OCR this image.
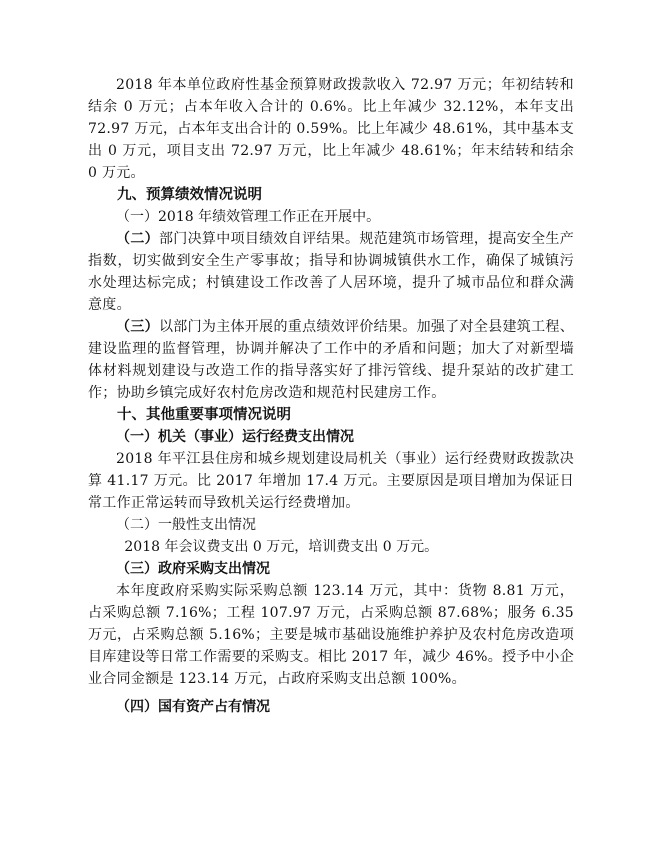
2018 年本单位政府性基金预算财政拨款收入 72.97 万元；年初结转和结余 0 万元；占本年收入合计的 0.6%。比上年减少 32.12%，本年支出 72.97 万元，占本年支出合计的 0.59%。比上年减少 48.61%，其中基本支出 0 万元，项目支出 72.97 万元，比上年减少 48.61%；年末结转和结余 0 万元。

九、预算绩效情况说明

（一）2018 年绩效管理工作正在开展中。

（二）部门决算中项目绩效自评结果。规范建筑市场管理，提高安全生产指数，切实做到安全生产零事故；指导和协调城镇供水工作，确保了城镇污水处理达标完成；村镇建设工作改善了人居环境，提升了城市品位和群众满意度。

（三）以部门为主体开展的重点绩效评价结果。加强了对全县建筑工程、建设监理的监督管理，协调并解决了工作中的矛盾和问题；加大了对新型墙体材料规划建设与改造工作的指导落实好了排污管线、提升泵站的改扩建工作；协助乡镇完成好农村危房改造和规范村民建房工作。

十、其他重要事项情况说明

（一）机关（事业）运行经费支出情况

2018 年平江县住房和城乡规划建设局机关（事业）运行经费财政拨款决算 41.17 万元。比 2017 年增加 17.4 万元。主要原因是项目增加为保证日常工作正常运转而导致机关运行经费增加。

（二）一般性支出情况

2018 年会议费支出 0 万元，培训费支出 0 万元。

（三）政府采购支出情况

本年度政府采购实际采购总额 123.14 万元，其中：货物 8.81 万元，占采购总额 7.16%；工程 107.97 万元，占采购总额 87.68%；服务 6.35 万元，占采购总额 5.16%；主要是城市基础设施维护养护及农村危房改造项目库建设等日常工作需要的采购支。相比 2017 年，减少 46%。授予中小企业合同金额是 123.14 万元，占政府采购支出总额 100%。

（四）国有资产占有情况
